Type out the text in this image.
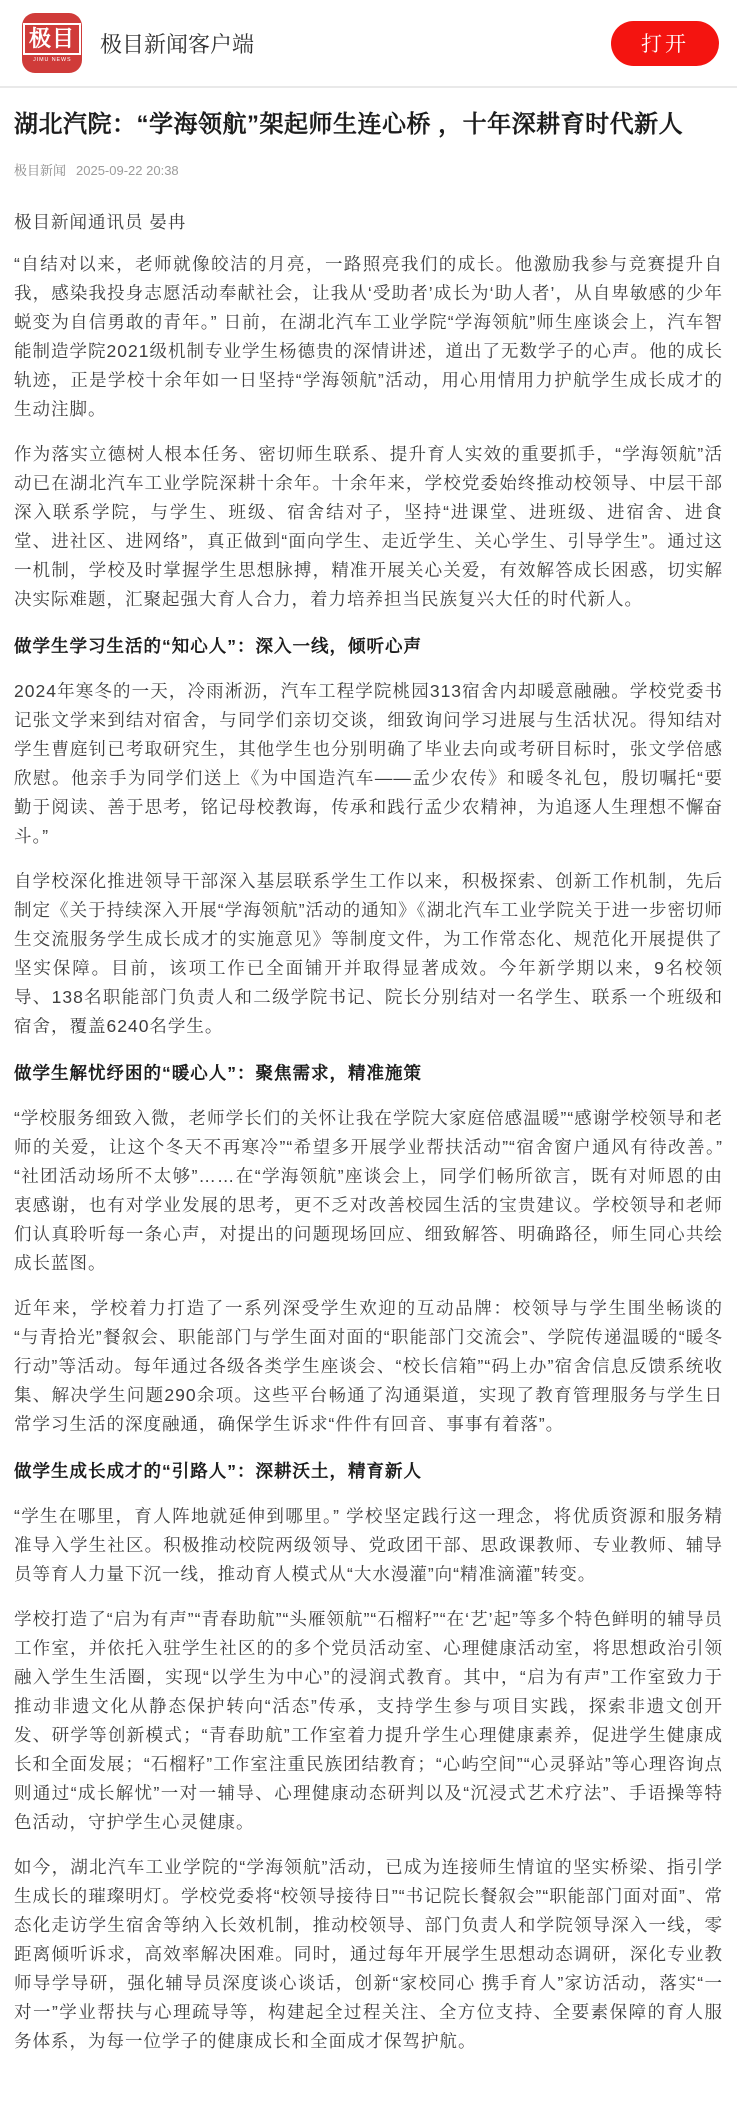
极目
JIMU NEWS
极目新闻客户端	打开
湖北汽院：“学海领航”架起师生连心桥 ，十年深耕育时代新人
极目新闻 2025-09-22 20:38
极目新闻通讯员 晏冉

“自结对以来，老师就像皎洁的月亮，一路照亮我们的成长。他激励我参与竞赛提升自我，感染我投身志愿活动奉献社会，让我从‘受助者’成长为‘助人者’，从自卑敏感的少年蜕变为自信勇敢的青年。” 日前，在湖北汽车工业学院“学海领航”师生座谈会上，汽车智能制造学院2021级机制专业学生杨德贵的深情讲述，道出了无数学子的心声。他的成长轨迹，正是学校十余年如一日坚持“学海领航”活动，用心用情用力护航学生成长成才的生动注脚。

作为落实立德树人根本任务、密切师生联系、提升育人实效的重要抓手，“学海领航”活动已在湖北汽车工业学院深耕十余年。十余年来，学校党委始终推动校领导、中层干部深入联系学院，与学生、班级、宿舍结对子，坚持“进课堂、进班级、进宿舍、进食堂、进社区、进网络”，真正做到“面向学生、走近学生、关心学生、引导学生”。通过这一机制，学校及时掌握学生思想脉搏，精准开展关心关爱，有效解答成长困惑，切实解决实际难题，汇聚起强大育人合力，着力培养担当民族复兴大任的时代新人。

做学生学习生活的“知心人”：深入一线，倾听心声

2024年寒冬的一天，冷雨淅沥，汽车工程学院桃园313宿舍内却暖意融融。学校党委书记张文学来到结对宿舍，与同学们亲切交谈，细致询问学习进展与生活状况。得知结对学生曹庭钊已考取研究生，其他学生也分别明确了毕业去向或考研目标时，张文学倍感欣慰。他亲手为同学们送上《为中国造汽车——孟少农传》和暖冬礼包，殷切嘱托“要勤于阅读、善于思考，铭记母校教诲，传承和践行孟少农精神，为追逐人生理想不懈奋斗。”

自学校深化推进领导干部深入基层联系学生工作以来，积极探索、创新工作机制，先后制定《关于持续深入开展“学海领航”活动的通知》《湖北汽车工业学院关于进一步密切师生交流服务学生成长成才的实施意见》等制度文件，为工作常态化、规范化开展提供了坚实保障。目前，该项工作已全面铺开并取得显著成效。今年新学期以来，9名校领导、138名职能部门负责人和二级学院书记、院长分别结对一名学生、联系一个班级和宿舍，覆盖6240名学生。

做学生解忧纾困的“暖心人”：聚焦需求，精准施策

“学校服务细致入微，老师学长们的关怀让我在学院大家庭倍感温暖”“感谢学校领导和老师的关爱，让这个冬天不再寒冷”“希望多开展学业帮扶活动”“宿舍窗户通风有待改善。”“社团活动场所不太够”……在“学海领航”座谈会上，同学们畅所欲言，既有对师恩的由衷感谢，也有对学业发展的思考，更不乏对改善校园生活的宝贵建议。学校领导和老师们认真聆听每一条心声，对提出的问题现场回应、细致解答、明确路径，师生同心共绘成长蓝图。

近年来，学校着力打造了一系列深受学生欢迎的互动品牌：校领导与学生围坐畅谈的“与青拾光”餐叙会、职能部门与学生面对面的“职能部门交流会”、学院传递温暖的“暖冬行动”等活动。每年通过各级各类学生座谈会、“校长信箱”“码上办”宿舍信息反馈系统收集、解决学生问题290余项。这些平台畅通了沟通渠道，实现了教育管理服务与学生日常学习生活的深度融通，确保学生诉求“件件有回音、事事有着落”。

做学生成长成才的“引路人”：深耕沃土，精育新人

“学生在哪里，育人阵地就延伸到哪里。” 学校坚定践行这一理念，将优质资源和服务精准导入学生社区。积极推动校院两级领导、党政团干部、思政课教师、专业教师、辅导员等育人力量下沉一线，推动育人模式从“大水漫灌”向“精准滴灌”转变。

学校打造了“启为有声”“青春助航”“头雁领航”“石榴籽”“在‘艺’起”等多个特色鲜明的辅导员工作室，并依托入驻学生社区的的多个党员活动室、心理健康活动室，将思想政治引领融入学生生活圈，实现“以学生为中心”的浸润式教育。其中，“启为有声”工作室致力于推动非遗文化从静态保护转向“活态”传承，支持学生参与项目实践，探索非遗文创开发、研学等创新模式；“青春助航”工作室着力提升学生心理健康素养，促进学生健康成长和全面发展；“石榴籽”工作室注重民族团结教育；“心屿空间”“心灵驿站”等心理咨询点则通过“成长解忧”一对一辅导、心理健康动态研判以及“沉浸式艺术疗法”、手语操等特色活动，守护学生心灵健康。

如今，湖北汽车工业学院的“学海领航”活动，已成为连接师生情谊的坚实桥梁、指引学生成长的璀璨明灯。学校党委将“校领导接待日”“书记院长餐叙会”“职能部门面对面”、常态化走访学生宿舍等纳入长效机制，推动校领导、部门负责人和学院领导深入一线，零距离倾听诉求，高效率解决困难。同时，通过每年开展学生思想动态调研，深化专业教师导学导研，强化辅导员深度谈心谈话，创新“家校同心 携手育人”家访活动，落实“一对一”学业帮扶与心理疏导等，构建起全过程关注、全方位支持、全要素保障的育人服务体系，为每一位学子的健康成长和全面成才保驾护航。
